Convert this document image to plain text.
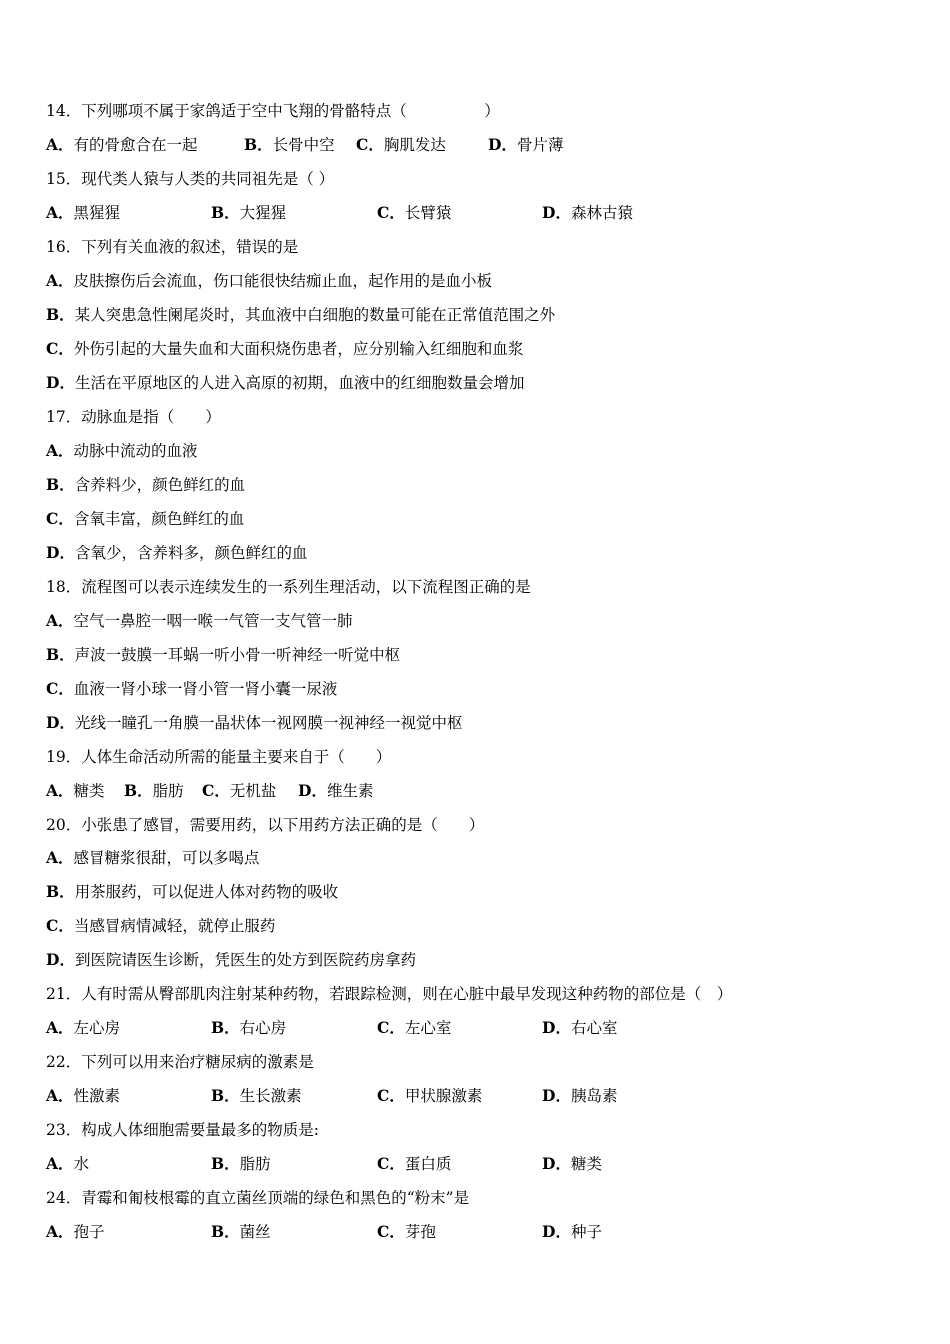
14．下列哪项不属于家鸽适于空中飞翔的骨骼特点（　　　　　）
A．有的骨愈合在一起	B．长骨中空 C．胸肌发达	D．骨片薄
15．现代类人猿与人类的共同祖先是（ ）
A．黑猩猩	B．大猩猩	C．长臂猿	D．森林古猿
16．下列有关血液的叙述，错误的是
A．皮肤擦伤后会流血，伤口能很快结痂止血，起作用的是血小板
B．某人突患急性阑尾炎时，其血液中白细胞的数量可能在正常值范围之外
C．外伤引起的大量失血和大面积烧伤患者，应分别输入红细胞和血浆
D．生活在平原地区的人进入高原的初期，血液中的红细胞数量会增加
17．动脉血是指（　　）
A．动脉中流动的血液
B．含养料少，颜色鲜红的血
C．含氧丰富，颜色鲜红的血
D．含氧少，含养料多，颜色鲜红的血
18．流程图可以表示连续发生的一系列生理活动，以下流程图正确的是
A．空气一鼻腔一咽一喉一气管一支气管一肺
B．声波一鼓膜一耳蜗一听小骨一听神经一听觉中枢
C．血液一肾小球一肾小管一肾小囊一尿液
D．光线一瞳孔一角膜一晶状体一视网膜一视神经一视觉中枢
19．人体生命活动所需的能量主要来自于（　　）
A．糖类 B．脂肪 C．无机盐 D．维生素
20．小张患了感冒，需要用药，以下用药方法正确的是（　　）
A．感冒糖浆很甜，可以多喝点
B．用茶服药，可以促进人体对药物的吸收
C．当感冒病情减轻，就停止服药
D．到医院请医生诊断，凭医生的处方到医院药房拿药
21．人有时需从臀部肌肉注射某种药物，若跟踪检测，则在心脏中最早发现这种药物的部位是（　）
A．左心房	B．右心房	C．左心室	D．右心室
22．下列可以用来治疗糖尿病的激素是
A．性激素	B．生长激素	C．甲状腺激素	D．胰岛素
23．构成人体细胞需要量最多的物质是:
A．水	B．脂肪	C．蛋白质	D．糖类
24．青霉和匍枝根霉的直立菌丝顶端的绿色和黑色的“粉末”是
A．孢子	B．菌丝	C．芽孢	D．种子
